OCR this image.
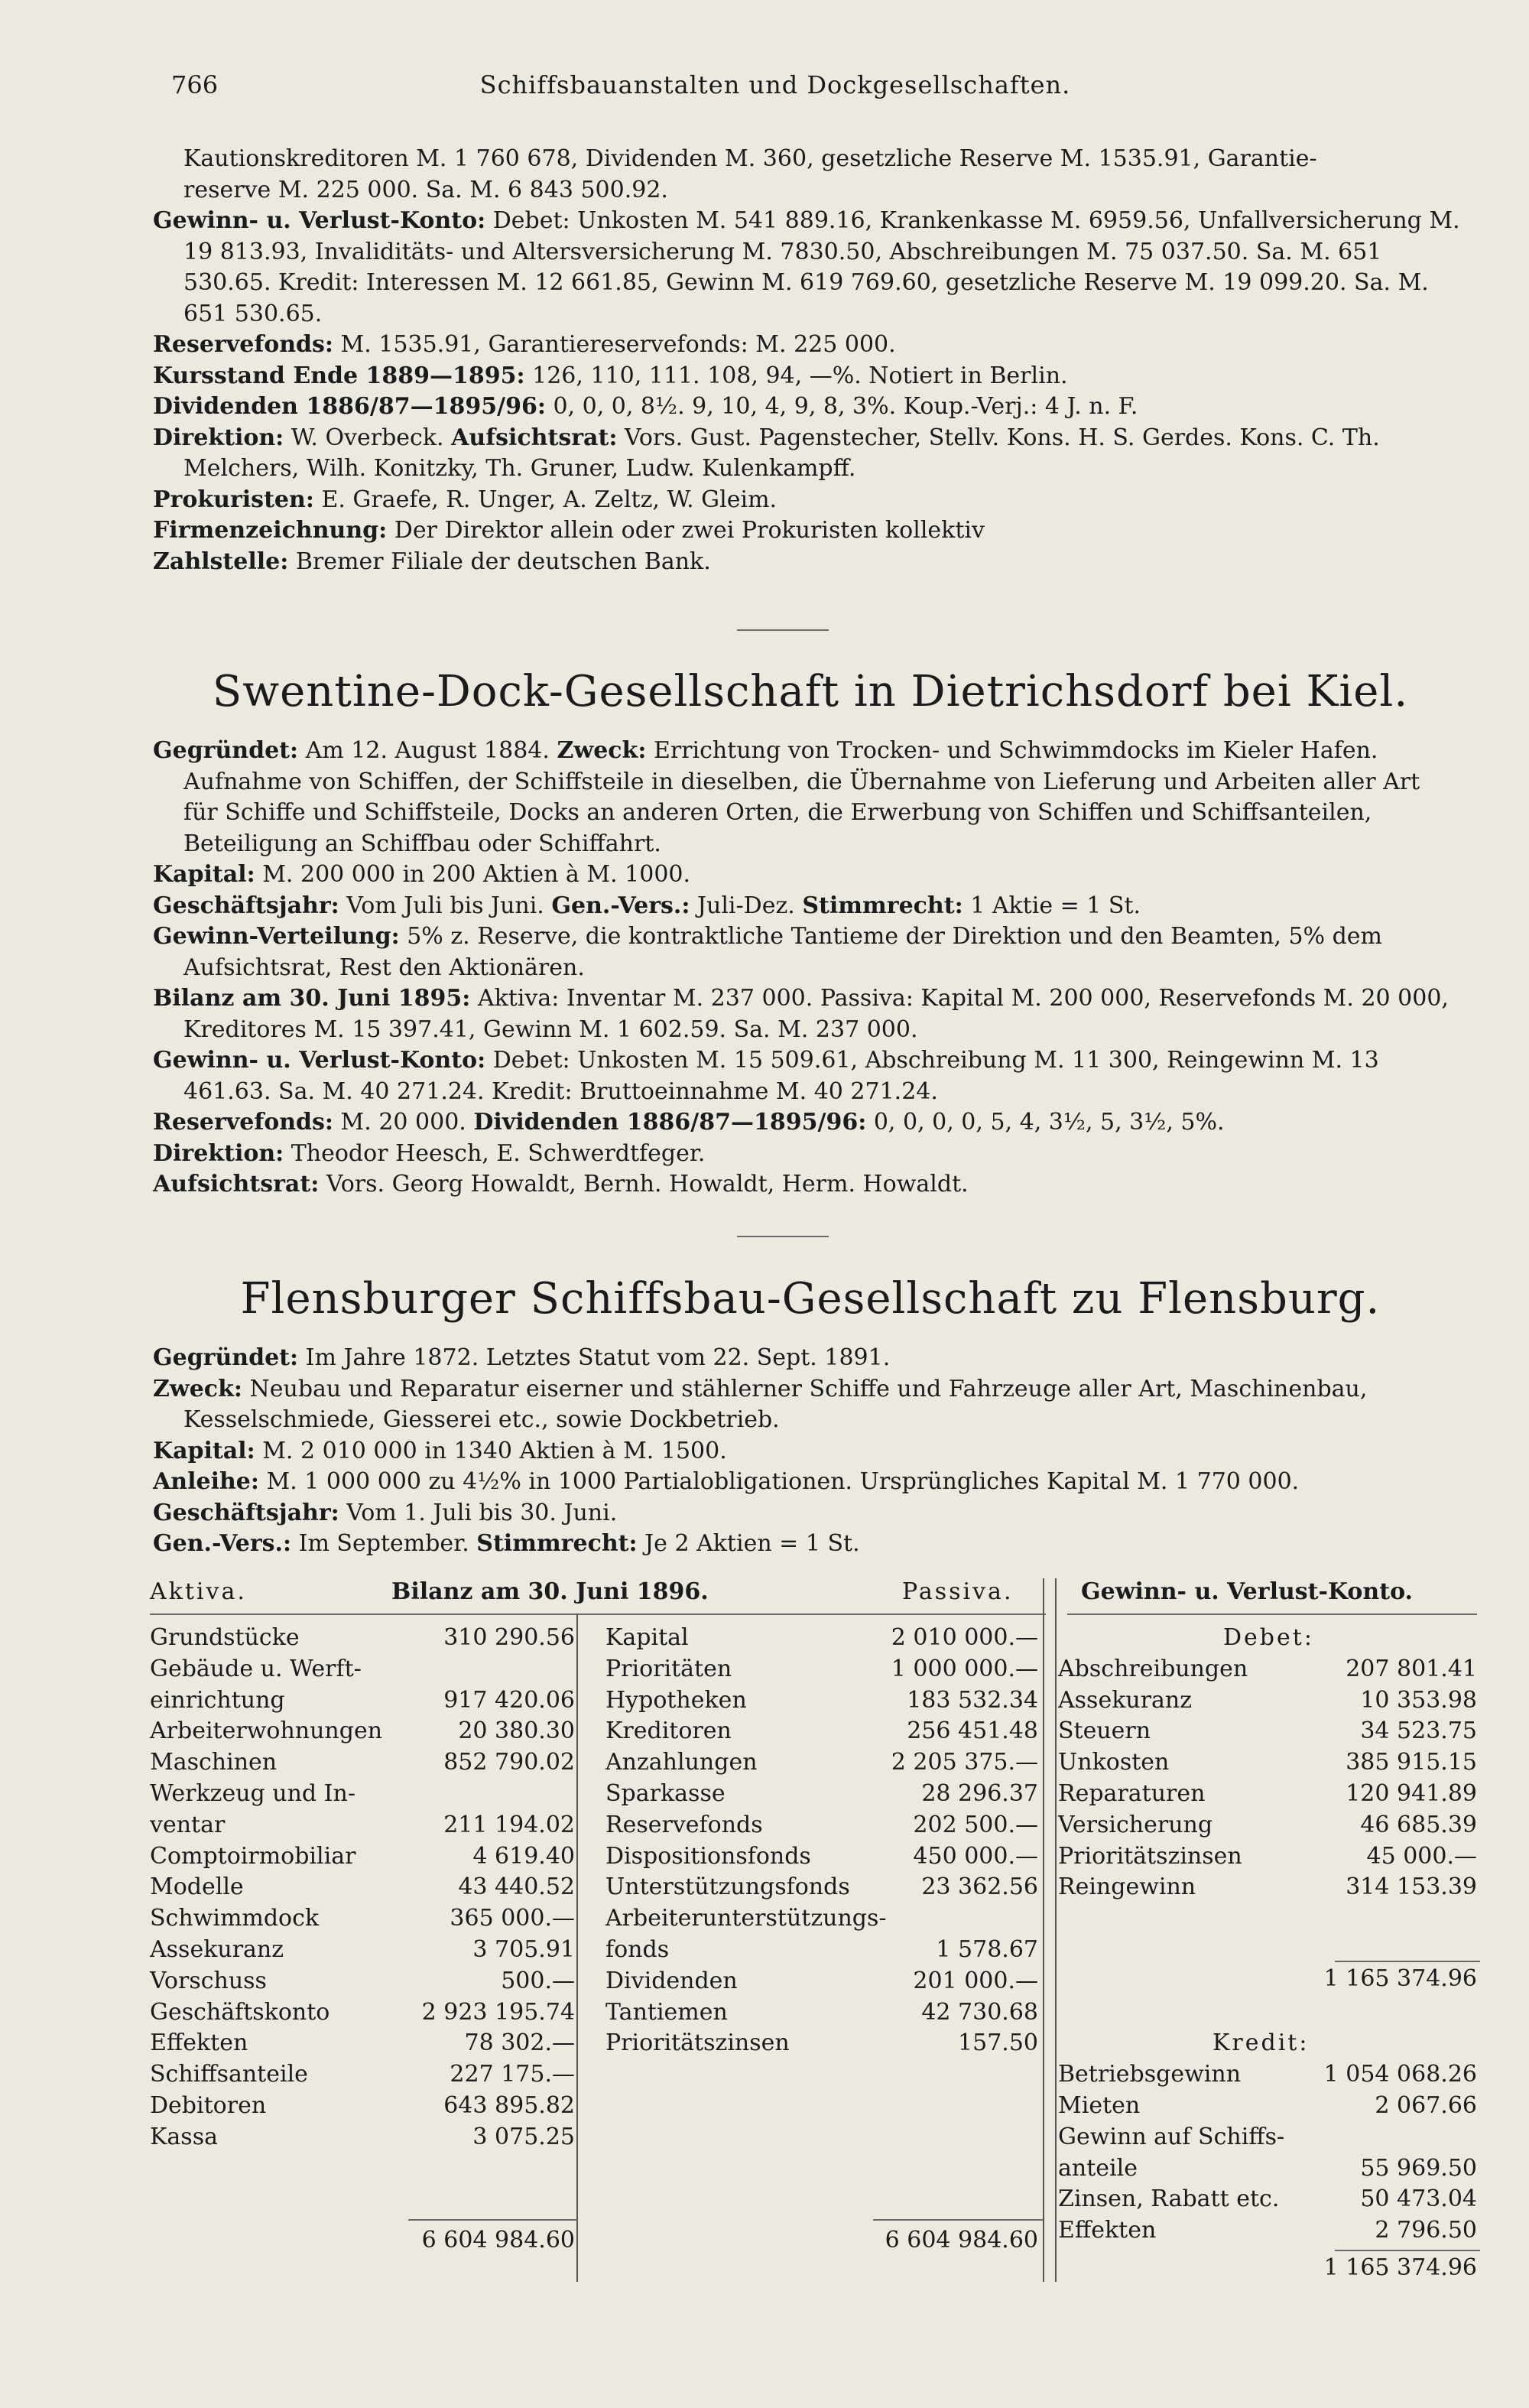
766	Schiffsbauanstalten und Dockgesellschaften.

Kautionskreditoren M. 1 760 678, Dividenden M. 360, gesetzliche Reserve M. 1535.91, Garantie-
reserve M. 225 000. Sa. M. 6 843 500.92.

Gewinn- u. Verlust-Konto: Debet: Unkosten M. 541 889.16, Krankenkasse M. 6959.56, Unfallversicherung M. 19 813.93, Invaliditäts- und Altersversicherung M. 7830.50, Abschreibungen M. 75 037.50. Sa. M. 651 530.65. Kredit: Interessen M. 12 661.85, Gewinn M. 619 769.60, gesetzliche Reserve M. 19 099.20. Sa. M. 651 530.65.

Reservefonds: M. 1535.91, Garantiereservefonds: M. 225 000.

Kursstand Ende 1889—1895: 126, 110, 111. 108, 94, —%. Notiert in Berlin.

Dividenden 1886/87—1895/96: 0, 0, 0, 8½. 9, 10, 4, 9, 8, 3%. Koup.-Verj.: 4 J. n. F.

Direktion: W. Overbeck. Aufsichtsrat: Vors. Gust. Pagenstecher, Stellv. Kons. H. S. Gerdes. Kons. C. Th. Melchers, Wilh. Konitzky, Th. Gruner, Ludw. Kulenkampff.

Prokuristen: E. Graefe, R. Unger, A. Zeltz, W. Gleim.

Firmenzeichnung: Der Direktor allein oder zwei Prokuristen kollektiv

Zahlstelle: Bremer Filiale der deutschen Bank.

Swentine-Dock-Gesellschaft in Dietrichsdorf bei Kiel.

Gegründet: Am 12. August 1884. Zweck: Errichtung von Trocken- und Schwimmdocks im Kieler Hafen. Aufnahme von Schiffen, der Schiffsteile in dieselben, die Übernahme von Lieferung und Arbeiten aller Art für Schiffe und Schiffsteile, Docks an anderen Orten, die Erwerbung von Schiffen und Schiffsanteilen, Beteiligung an Schiffbau oder Schiffahrt.

Kapital: M. 200 000 in 200 Aktien à M. 1000.

Geschäftsjahr: Vom Juli bis Juni. Gen.-Vers.: Juli-Dez. Stimmrecht: 1 Aktie = 1 St.

Gewinn-Verteilung: 5% z. Reserve, die kontraktliche Tantieme der Direktion und den Beamten, 5% dem Aufsichtsrat, Rest den Aktionären.

Bilanz am 30. Juni 1895: Aktiva: Inventar M. 237 000. Passiva: Kapital M. 200 000, Reservefonds M. 20 000, Kreditores M. 15 397.41, Gewinn M. 1 602.59. Sa. M. 237 000.

Gewinn- u. Verlust-Konto: Debet: Unkosten M. 15 509.61, Abschreibung M. 11 300, Reingewinn M. 13 461.63. Sa. M. 40 271.24. Kredit: Bruttoeinnahme M. 40 271.24.

Reservefonds: M. 20 000. Dividenden 1886/87—1895/96: 0, 0, 0, 0, 5, 4, 3½, 5, 3½, 5%.

Direktion: Theodor Heesch, E. Schwerdtfeger.

Aufsichtsrat: Vors. Georg Howaldt, Bernh. Howaldt, Herm. Howaldt.

Flensburger Schiffsbau-Gesellschaft zu Flensburg.

Gegründet: Im Jahre 1872. Letztes Statut vom 22. Sept. 1891.

Zweck: Neubau und Reparatur eiserner und stählerner Schiffe und Fahrzeuge aller Art, Maschinenbau, Kesselschmiede, Giesserei etc., sowie Dockbetrieb.

Kapital: M. 2 010 000 in 1340 Aktien à M. 1500.

Anleihe: M. 1 000 000 zu 4½% in 1000 Partialobligationen. Ursprüngliches Kapital M. 1 770 000.

Geschäftsjahr: Vom 1. Juli bis 30. Juni.

Gen.-Vers.: Im September. Stimmrecht: Je 2 Aktien = 1 St.

Aktiva.	Bilanz am 30. Juni 1896.	Passiva.	Gewinn- u. Verlust-Konto.
Grundstücke	310 290.56
Gebäude u. Werft-
einrichtung	917 420.06
Arbeiterwohnungen	20 380.30
Maschinen	852 790.02
Werkzeug und In-
ventar	211 194.02
Comptoirmobiliar	4 619.40
Modelle	43 440.52
Schwimmdock	365 000.—
Assekuranz	3 705.91
Vorschuss	500.—
Geschäftskonto	2 923 195.74
Effekten	78 302.—
Schiffsanteile	227 175.—
Debitoren	643 895.82
Kassa	3 075.25
Kapital	2 010 000.—
Prioritäten	1 000 000.—
Hypotheken	183 532.34
Kreditoren	256 451.48
Anzahlungen	2 205 375.—
Sparkasse	28 296.37
Reservefonds	202 500.—
Dispositionsfonds	450 000.—
Unterstützungsfonds	23 362.56
Arbeiterunterstützungs-
fonds	1 578.67
Dividenden	201 000.—
Tantiemen	42 730.68
Prioritätszinsen	157.50
6 604 984.60	6 604 984.60
Debet:
Abschreibungen	207 801.41
Assekuranz	10 353.98
Steuern	34 523.75
Unkosten	385 915.15
Reparaturen	120 941.89
Versicherung	46 685.39
Prioritätszinsen	45 000.—
Reingewinn	314 153.39
1 165 374.96
Kredit:
Betriebsgewinn	1 054 068.26
Mieten	2 067.66
Gewinn auf Schiffs-
anteile	55 969.50
Zinsen, Rabatt etc.	50 473.04
Effekten	2 796.50
1 165 374.96
